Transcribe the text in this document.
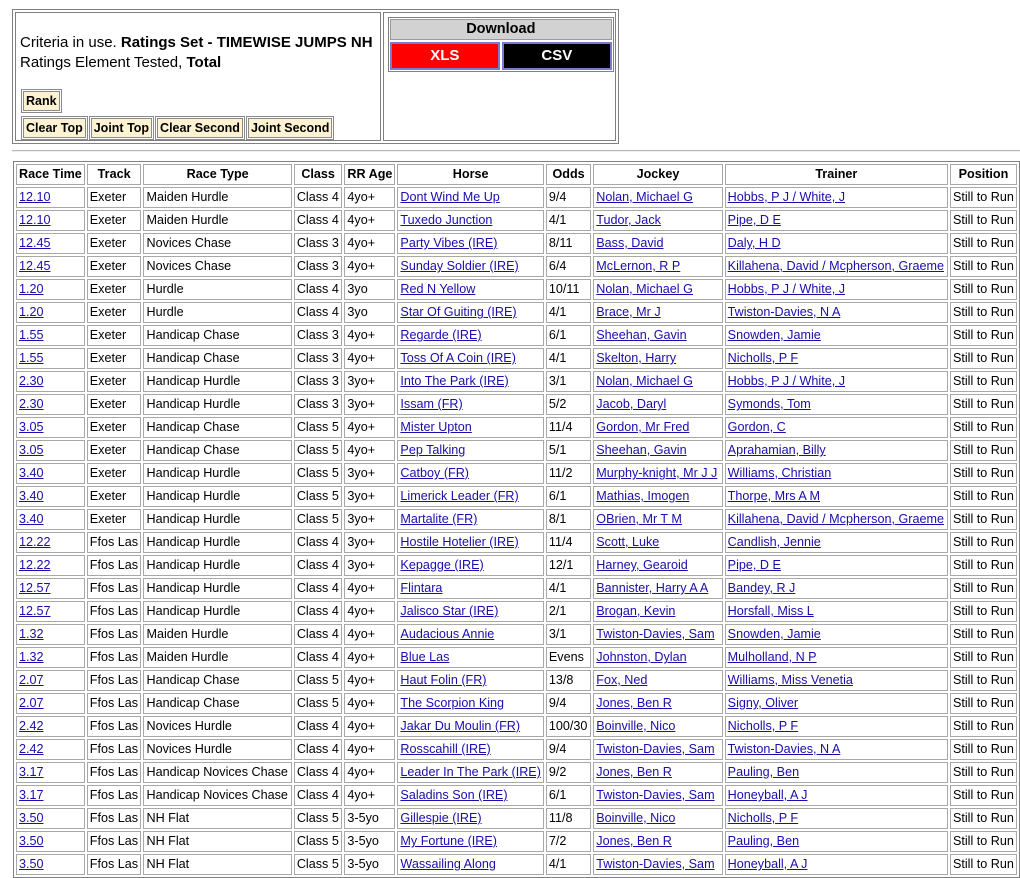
Criteria in use. Ratings Set - TIMEWISE JUMPS NH
Ratings Element Tested, Total
Rank
Clear Top Joint Top Clear Second Joint Second

Download
XLS	CSV
Race Time	Track	Race Type	Class	RR Age	Horse	Odds	Jockey	Trainer	Position
12.10	Exeter	Maiden Hurdle	Class 4	4yo+	Dont Wind Me Up	9/4	Nolan, Michael G	Hobbs, P J / White, J	Still to Run
12.10	Exeter	Maiden Hurdle	Class 4	4yo+	Tuxedo Junction	4/1	Tudor, Jack	Pipe, D E	Still to Run
12.45	Exeter	Novices Chase	Class 3	4yo+	Party Vibes (IRE)	8/11	Bass, David	Daly, H D	Still to Run
12.45	Exeter	Novices Chase	Class 3	4yo+	Sunday Soldier (IRE)	6/4	McLernon, R P	Killahena, David / Mcpherson, Graeme	Still to Run
1.20	Exeter	Hurdle	Class 4	3yo	Red N Yellow	10/11	Nolan, Michael G	Hobbs, P J / White, J	Still to Run
1.20	Exeter	Hurdle	Class 4	3yo	Star Of Guiting (IRE)	4/1	Brace, Mr J	Twiston-Davies, N A	Still to Run
1.55	Exeter	Handicap Chase	Class 3	4yo+	Regarde (IRE)	6/1	Sheehan, Gavin	Snowden, Jamie	Still to Run
1.55	Exeter	Handicap Chase	Class 3	4yo+	Toss Of A Coin (IRE)	4/1	Skelton, Harry	Nicholls, P F	Still to Run
2.30	Exeter	Handicap Hurdle	Class 3	3yo+	Into The Park (IRE)	3/1	Nolan, Michael G	Hobbs, P J / White, J	Still to Run
2.30	Exeter	Handicap Hurdle	Class 3	3yo+	Issam (FR)	5/2	Jacob, Daryl	Symonds, Tom	Still to Run
3.05	Exeter	Handicap Chase	Class 5	4yo+	Mister Upton	11/4	Gordon, Mr Fred	Gordon, C	Still to Run
3.05	Exeter	Handicap Chase	Class 5	4yo+	Pep Talking	5/1	Sheehan, Gavin	Aprahamian, Billy	Still to Run
3.40	Exeter	Handicap Hurdle	Class 5	3yo+	Catboy (FR)	11/2	Murphy-knight, Mr J J	Williams, Christian	Still to Run
3.40	Exeter	Handicap Hurdle	Class 5	3yo+	Limerick Leader (FR)	6/1	Mathias, Imogen	Thorpe, Mrs A M	Still to Run
3.40	Exeter	Handicap Hurdle	Class 5	3yo+	Martalite (FR)	8/1	OBrien, Mr T M	Killahena, David / Mcpherson, Graeme	Still to Run
12.22	Ffos Las	Handicap Hurdle	Class 4	3yo+	Hostile Hotelier (IRE)	11/4	Scott, Luke	Candlish, Jennie	Still to Run
12.22	Ffos Las	Handicap Hurdle	Class 4	3yo+	Kepagge (IRE)	12/1	Harney, Gearoid	Pipe, D E	Still to Run
12.57	Ffos Las	Handicap Hurdle	Class 4	4yo+	Flintara	4/1	Bannister, Harry A A	Bandey, R J	Still to Run
12.57	Ffos Las	Handicap Hurdle	Class 4	4yo+	Jalisco Star (IRE)	2/1	Brogan, Kevin	Horsfall, Miss L	Still to Run
1.32	Ffos Las	Maiden Hurdle	Class 4	4yo+	Audacious Annie	3/1	Twiston-Davies, Sam	Snowden, Jamie	Still to Run
1.32	Ffos Las	Maiden Hurdle	Class 4	4yo+	Blue Las	Evens	Johnston, Dylan	Mulholland, N P	Still to Run
2.07	Ffos Las	Handicap Chase	Class 5	4yo+	Haut Folin (FR)	13/8	Fox, Ned	Williams, Miss Venetia	Still to Run
2.07	Ffos Las	Handicap Chase	Class 5	4yo+	The Scorpion King	9/4	Jones, Ben R	Signy, Oliver	Still to Run
2.42	Ffos Las	Novices Hurdle	Class 4	4yo+	Jakar Du Moulin (FR)	100/30	Boinville, Nico	Nicholls, P F	Still to Run
2.42	Ffos Las	Novices Hurdle	Class 4	4yo+	Rosscahill (IRE)	9/4	Twiston-Davies, Sam	Twiston-Davies, N A	Still to Run
3.17	Ffos Las	Handicap Novices Chase	Class 4	4yo+	Leader In The Park (IRE)	9/2	Jones, Ben R	Pauling, Ben	Still to Run
3.17	Ffos Las	Handicap Novices Chase	Class 4	4yo+	Saladins Son (IRE)	6/1	Twiston-Davies, Sam	Honeyball, A J	Still to Run
3.50	Ffos Las	NH Flat	Class 5	3-5yo	Gillespie (IRE)	11/8	Boinville, Nico	Nicholls, P F	Still to Run
3.50	Ffos Las	NH Flat	Class 5	3-5yo	My Fortune (IRE)	7/2	Jones, Ben R	Pauling, Ben	Still to Run
3.50	Ffos Las	NH Flat	Class 5	3-5yo	Wassailing Along	4/1	Twiston-Davies, Sam	Honeyball, A J	Still to Run
